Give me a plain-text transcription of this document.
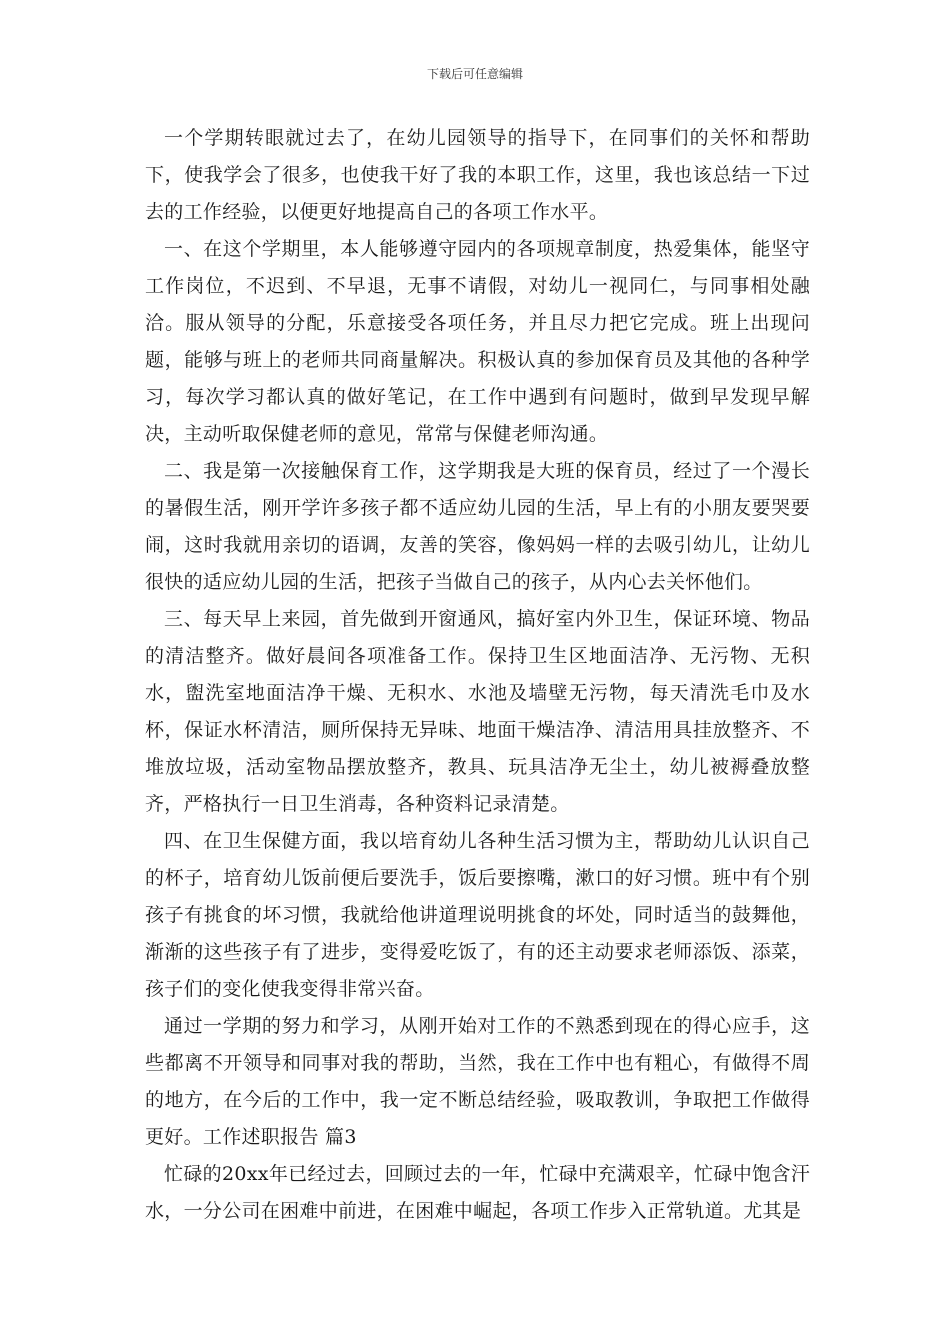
下载后可任意编辑

一个学期转眼就过去了，在幼儿园领导的指导下，在同事们的关怀和帮助下，使我学会了很多，也使我干好了我的本职工作，这里，我也该总结一下过去的工作经验，以便更好地提高自己的各项工作水平。

一、在这个学期里，本人能够遵守园内的各项规章制度，热爱集体，能坚守工作岗位，不迟到、不早退，无事不请假，对幼儿一视同仁，与同事相处融洽。服从领导的分配，乐意接受各项任务，并且尽力把它完成。班上出现问题，能够与班上的老师共同商量解决。积极认真的参加保育员及其他的各种学习，每次学习都认真的做好笔记，在工作中遇到有问题时，做到早发现早解决，主动听取保健老师的意见，常常与保健老师沟通。

二、我是第一次接触保育工作，这学期我是大班的保育员，经过了一个漫长的暑假生活，刚开学许多孩子都不适应幼儿园的生活，早上有的小朋友要哭要闹，这时我就用亲切的语调，友善的笑容，像妈妈一样的去吸引幼儿，让幼儿很快的适应幼儿园的生活，把孩子当做自己的孩子，从内心去关怀他们。

三、每天早上来园，首先做到开窗通风，搞好室内外卫生，保证环境、物品的清洁整齐。做好晨间各项准备工作。保持卫生区地面洁净、无污物、无积水，盥洗室地面洁净干燥、无积水、水池及墙壁无污物，每天清洗毛巾及水杯，保证水杯清洁，厕所保持无异味、地面干燥洁净、清洁用具挂放整齐、不堆放垃圾，活动室物品摆放整齐，教具、玩具洁净无尘土，幼儿被褥叠放整齐，严格执行一日卫生消毒，各种资料记录清楚。

四、在卫生保健方面，我以培育幼儿各种生活习惯为主，帮助幼儿认识自己的杯子，培育幼儿饭前便后要洗手，饭后要擦嘴，漱口的好习惯。班中有个别孩子有挑食的坏习惯，我就给他讲道理说明挑食的坏处，同时适当的鼓舞他，渐渐的这些孩子有了进步，变得爱吃饭了，有的还主动要求老师添饭、添菜，孩子们的变化使我变得非常兴奋。

通过一学期的努力和学习，从刚开始对工作的不熟悉到现在的得心应手，这些都离不开领导和同事对我的帮助，当然，我在工作中也有粗心，有做得不周的地方，在今后的工作中，我一定不断总结经验，吸取教训，争取把工作做得更好。工作述职报告 篇3

忙碌的20xx年已经过去，回顾过去的一年，忙碌中充满艰辛，忙碌中饱含汗水，一分公司在困难中前进，在困难中崛起，各项工作步入正常轨道。尤其是
